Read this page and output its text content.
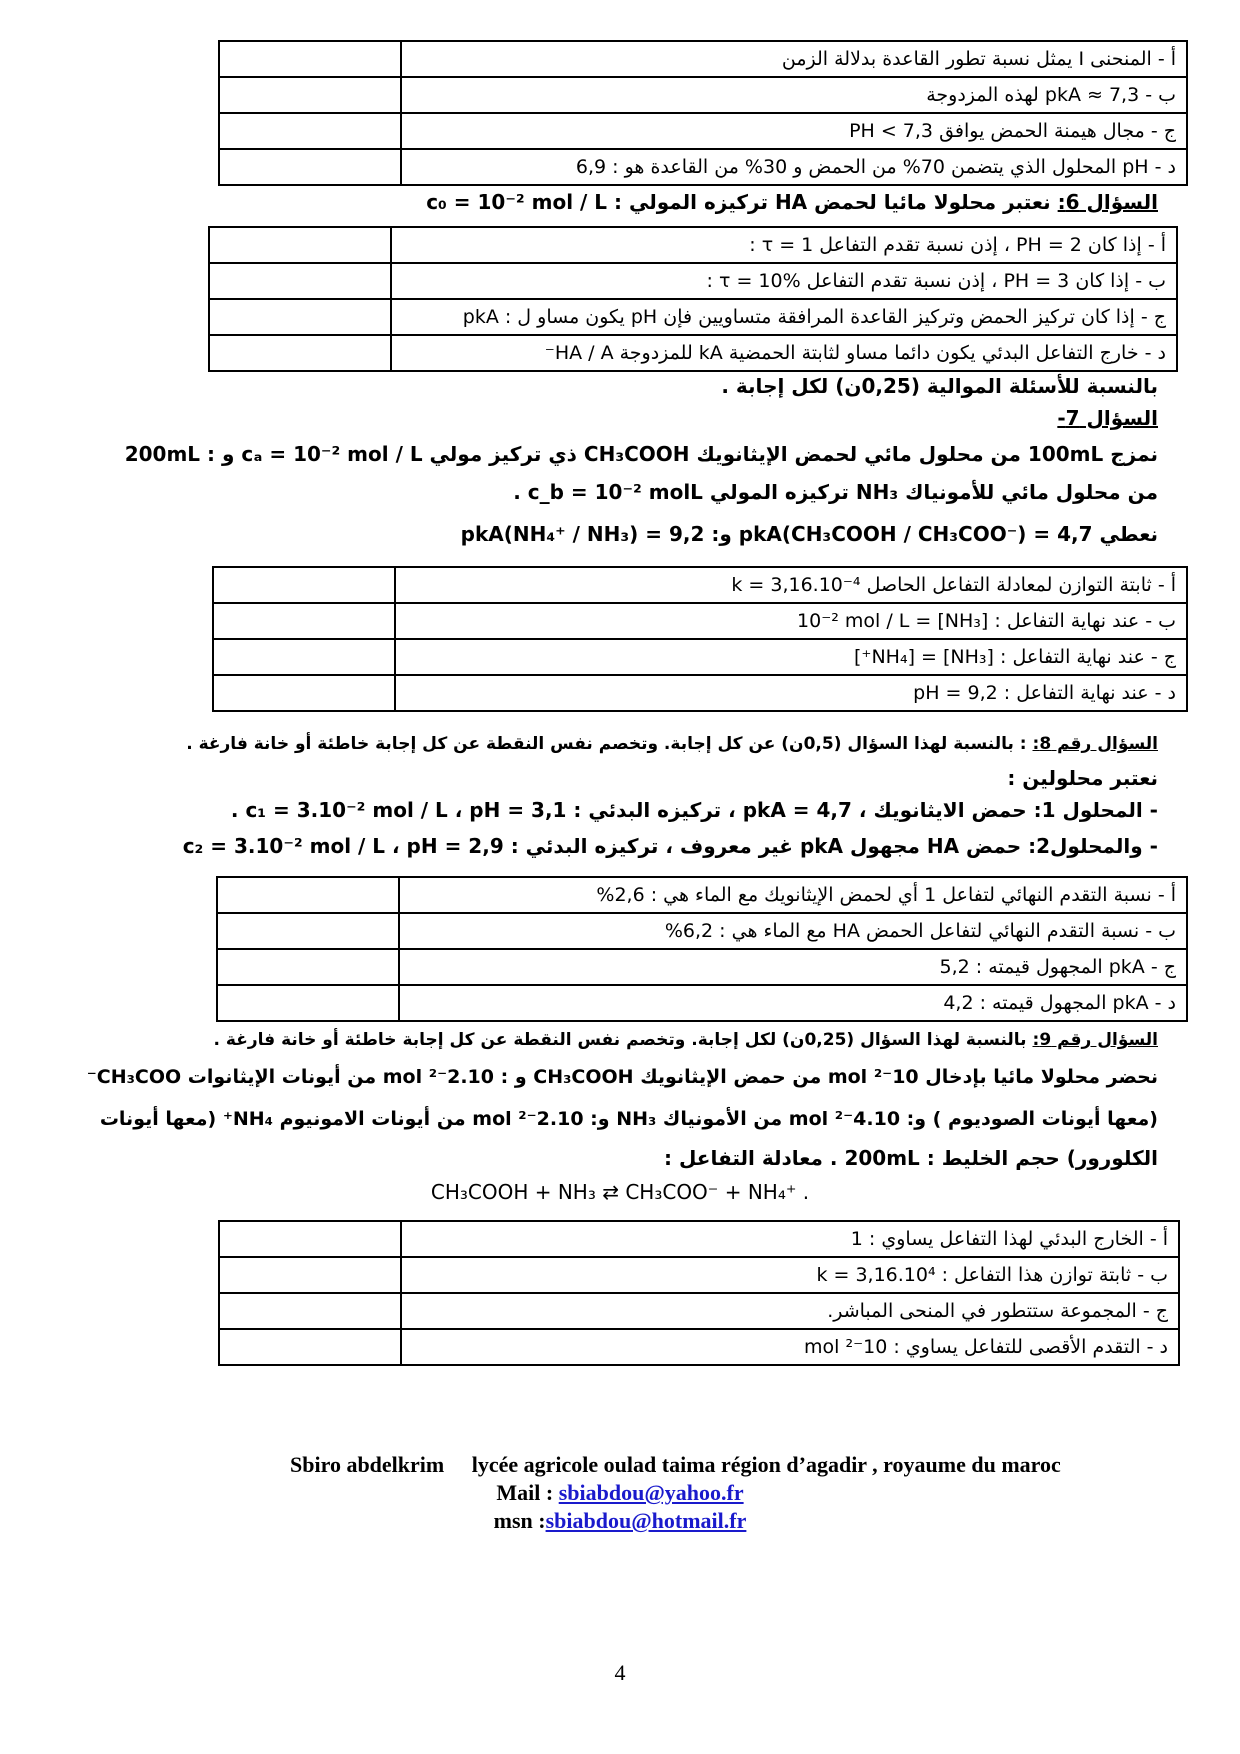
	أ - المنحنى I يمثل نسبة تطور القاعدة بدلالة الزمن
	ب - pkA ≈ 7,3 لهذه المزدوجة
	ج - مجال هيمنة الحمض يوافق PH < 7,3
	د - pH المحلول الذي يتضمن 70% من الحمض و 30% من القاعدة هو : 6,9
السؤال 6: نعتبر محلولا مائيا لحمض HA تركيزه المولي : c₀ = 10⁻² mol / L
	أ - إذا كان PH = 2 ، إذن نسبة تقدم التفاعل τ = 1 :
	ب - إذا كان PH = 3 ، إذن نسبة تقدم التفاعل τ = 10% :
	ج - إذا كان تركيز الحمض وتركيز القاعدة المرافقة متساويين فإن pH يكون مساو ل : pkA
	د - خارج التفاعل البدئي يكون دائما مساو لثابتة الحمضية kA للمزدوجة HA / A⁻
بالنسبة للأسئلة الموالية (0,25ن) لكل إجابة .
السؤال 7-
نمزج 100mL من محلول مائي لحمض الإيثانويك CH₃COOH ذي تركيز مولي cₐ = 10⁻² mol / L و : 200mL
من محلول مائي للأمونياك NH₃ تركيزه المولي c_b = 10⁻² molL .
نعطي pkA(CH₃COOH / CH₃COO⁻) = 4,7 و: pkA(NH₄⁺ / NH₃) = 9,2
	أ - ثابتة التوازن لمعادلة التفاعل الحاصل k = 3,16.10⁻⁴
	ب - عند نهاية التفاعل : [NH₃] = 10⁻² mol / L
	ج - عند نهاية التفاعل : [NH₃] = [NH₄⁺]
	د - عند نهاية التفاعل : pH = 9,2
السؤال رقم 8: : بالنسبة لهذا السؤال (0,5ن) عن كل إجابة. وتخصم نفس النقطة عن كل إجابة خاطئة أو خانة فارغة .
نعتبر محلولين :
- المحلول 1: حمض الايثانويك ، pkA = 4,7 ، تركيزه البدئي : c₁ = 3.10⁻² mol / L ، pH = 3,1 .
- والمحلول2: حمض HA مجهول pkA غير معروف ، تركيزه البدئي : c₂ = 3.10⁻² mol / L ، pH = 2,9
	أ - نسبة التقدم النهائي لتفاعل 1 أي لحمض الإيثانويك مع الماء هي : 2,6%
	ب - نسبة التقدم النهائي لتفاعل الحمض HA مع الماء هي : 6,2%
	ج - pkA المجهول قيمته : 5,2
	د - pkA المجهول قيمته : 4,2
السؤال رقم 9: بالنسبة لهذا السؤال (0,25ن) لكل إجابة. وتخصم نفس النقطة عن كل إجابة خاطئة أو خانة فارغة .
نحضر محلولا مائيا بإدخال 10⁻² mol من حمض الإيثانويك CH₃COOH و : 2.10⁻² mol من أيونات الإيثانوات CH₃COO⁻
(معها أيونات الصوديوم ) و: 4.10⁻² mol من الأمونياك NH₃ و: 2.10⁻² mol من أيونات الامونيوم NH₄⁺ (معها أيونات
الكلورور) حجم الخليط : 200mL . معادلة التفاعل :
CH₃COOH + NH₃ ⇄ CH₃COO⁻ + NH₄⁺ .
	أ - الخارج البدئي لهذا التفاعل يساوي : 1
	ب - ثابتة توازن هذا التفاعل : k = 3,16.10⁴
	ج - المجموعة ستتطور في المنحى المباشر.
	د - التقدم الأقصى للتفاعل يساوي : 10⁻² mol
Sbiro abdelkrim lycée agricole oulad taima région d’agadir , royaume du maroc
Mail : sbiabdou@yahoo.fr
msn :sbiabdou@hotmail.fr
4
